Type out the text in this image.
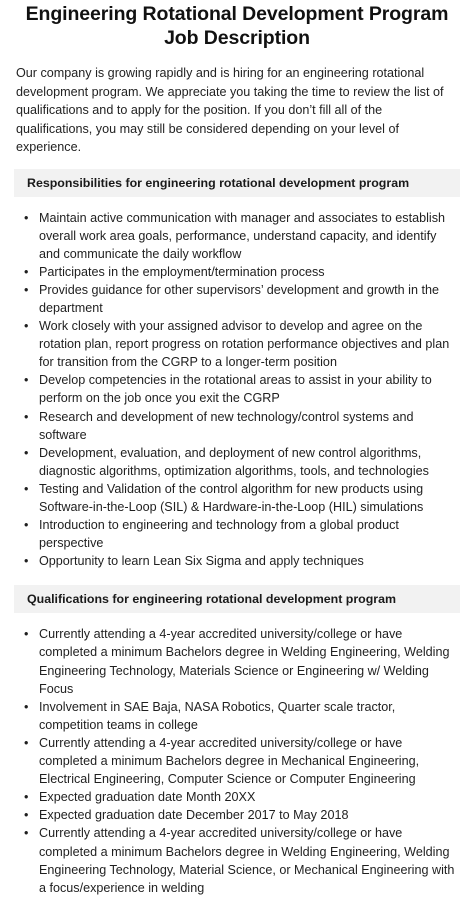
Engineering Rotational Development Program
Job Description

Our company is growing rapidly and is hiring for an engineering rotational development program. We appreciate you taking the time to review the list of qualifications and to apply for the position. If you don’t fill all of the qualifications, you may still be considered depending on your level of experience.

Responsibilities for engineering rotational development program
• Maintain active communication with manager and associates to establish overall work area goals, performance, understand capacity, and identify and communicate the daily workflow
• Participates in the employment/termination process
• Provides guidance for other supervisors’ development and growth in the department
• Work closely with your assigned advisor to develop and agree on the rotation plan, report progress on rotation performance objectives and plan for transition from the CGRP to a longer-term position
• Develop competencies in the rotational areas to assist in your ability to perform on the job once you exit the CGRP
• Research and development of new technology/control systems and software
• Development, evaluation, and deployment of new control algorithms, diagnostic algorithms, optimization algorithms, tools, and technologies
• Testing and Validation of the control algorithm for new products using Software-in-the-Loop (SIL) & Hardware-in-the-Loop (HIL) simulations
• Introduction to engineering and technology from a global product perspective
• Opportunity to learn Lean Six Sigma and apply techniques
Qualifications for engineering rotational development program
• Currently attending a 4-year accredited university/college or have completed a minimum Bachelors degree in Welding Engineering, Welding Engineering Technology, Materials Science or Engineering w/ Welding Focus
• Involvement in SAE Baja, NASA Robotics, Quarter scale tractor, competition teams in college
• Currently attending a 4-year accredited university/college or have completed a minimum Bachelors degree in Mechanical Engineering, Electrical Engineering, Computer Science or Computer Engineering
• Expected graduation date Month 20XX
• Expected graduation date December 2017 to May 2018
• Currently attending a 4-year accredited university/college or have completed a minimum Bachelors degree in Welding Engineering, Welding Engineering Technology, Material Science, or Mechanical Engineering with a focus/experience in welding
